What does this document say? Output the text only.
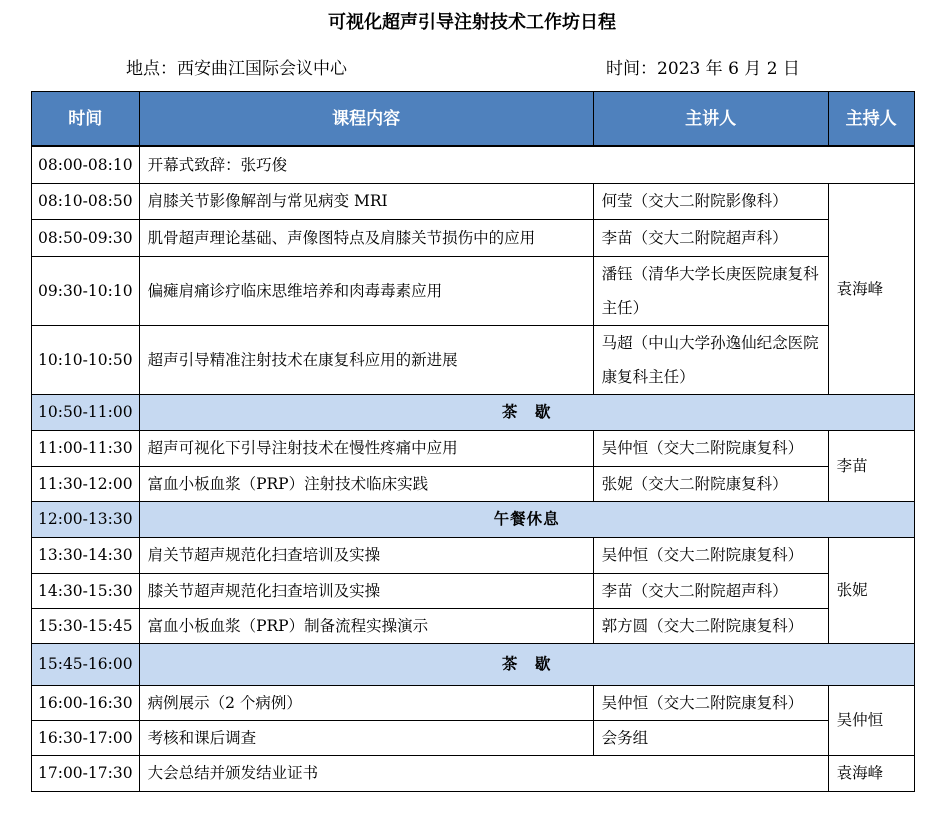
可视化超声引导注射技术工作坊日程
地点：西安曲江国际会议中心	时间：2023 年 6 月 2 日
时间	课程内容	主讲人	主持人
08:00-08:10	开幕式致辞：张巧俊		
08:10-08:50	肩膝关节影像解剖与常见病变 MRI	何莹（交大二附院影像科）	袁海峰
08:50-09:30	肌骨超声理论基础、声像图特点及肩膝关节损伤中的应用	李苗（交大二附院超声科）	
09:30-10:10	偏瘫肩痛诊疗临床思维培养和肉毒毒素应用	潘钰（清华大学长庚医院康复科主任）	
10:10-10:50	超声引导精准注射技术在康复科应用的新进展	马超（中山大学孙逸仙纪念医院康复科主任）	
10:50-11:00	茶　歇		
11:00-11:30	超声可视化下引导注射技术在慢性疼痛中应用	吴仲恒（交大二附院康复科）	李苗
11:30-12:00	富血小板血浆（PRP）注射技术临床实践	张妮（交大二附院康复科）	
12:00-13:30	午餐休息		
13:30-14:30	肩关节超声规范化扫查培训及实操	吴仲恒（交大二附院康复科）	张妮
14:30-15:30	膝关节超声规范化扫查培训及实操	李苗（交大二附院超声科）	
15:30-15:45	富血小板血浆（PRP）制备流程实操演示	郭方圆（交大二附院康复科）	
15:45-16:00	茶　歇		
16:00-16:30	病例展示（2 个病例）	吴仲恒（交大二附院康复科）	吴仲恒
16:30-17:00	考核和课后调查	会务组	
17:00-17:30	大会总结并颁发结业证书		袁海峰
